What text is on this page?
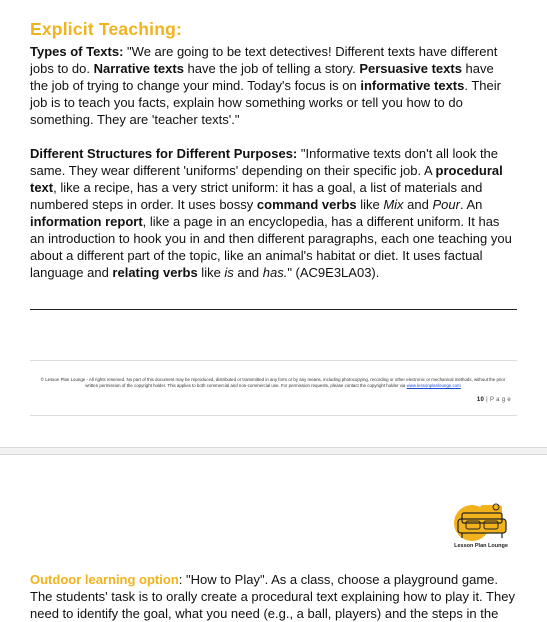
Explicit Teaching:

Types of Texts: "We are going to be text detectives! Different texts have different jobs to do. Narrative texts have the job of telling a story. Persuasive texts have the job of trying to change your mind. Today's focus is on informative texts. Their job is to teach you facts, explain how something works or tell you how to do something. They are 'teacher texts'."

Different Structures for Different Purposes: "Informative texts don't all look the same. They wear different 'uniforms' depending on their specific job. A procedural text, like a recipe, has a very strict uniform: it has a goal, a list of materials and numbered steps in order. It uses bossy command verbs like Mix and Pour. An information report, like a page in an encyclopedia, has a different uniform. It has an introduction to hook you in and then different paragraphs, each one teaching you about a different part of the topic, like an animal's habitat or diet. It uses factual language and relating verbs like is and has." (AC9E3LA03).

© Lesson Plan Lounge - All rights reserved. No part of this document may be reproduced, distributed or transmitted in any form or by any means, including photocopying, recording or other electronic or mechanical methods, without the prior written permission of the copyright holder. This applies to both commercial and non-commercial use. For permission requests, please contact the copyright holder via www.lessonplanlounge.com
10 | P a g e
Lesson Plan Lounge

Outdoor learning option: "How to Play". As a class, choose a playground game. The students' task is to orally create a procedural text explaining how to play it. They need to identify the goal, what you need (e.g., a ball, players) and the steps in the
